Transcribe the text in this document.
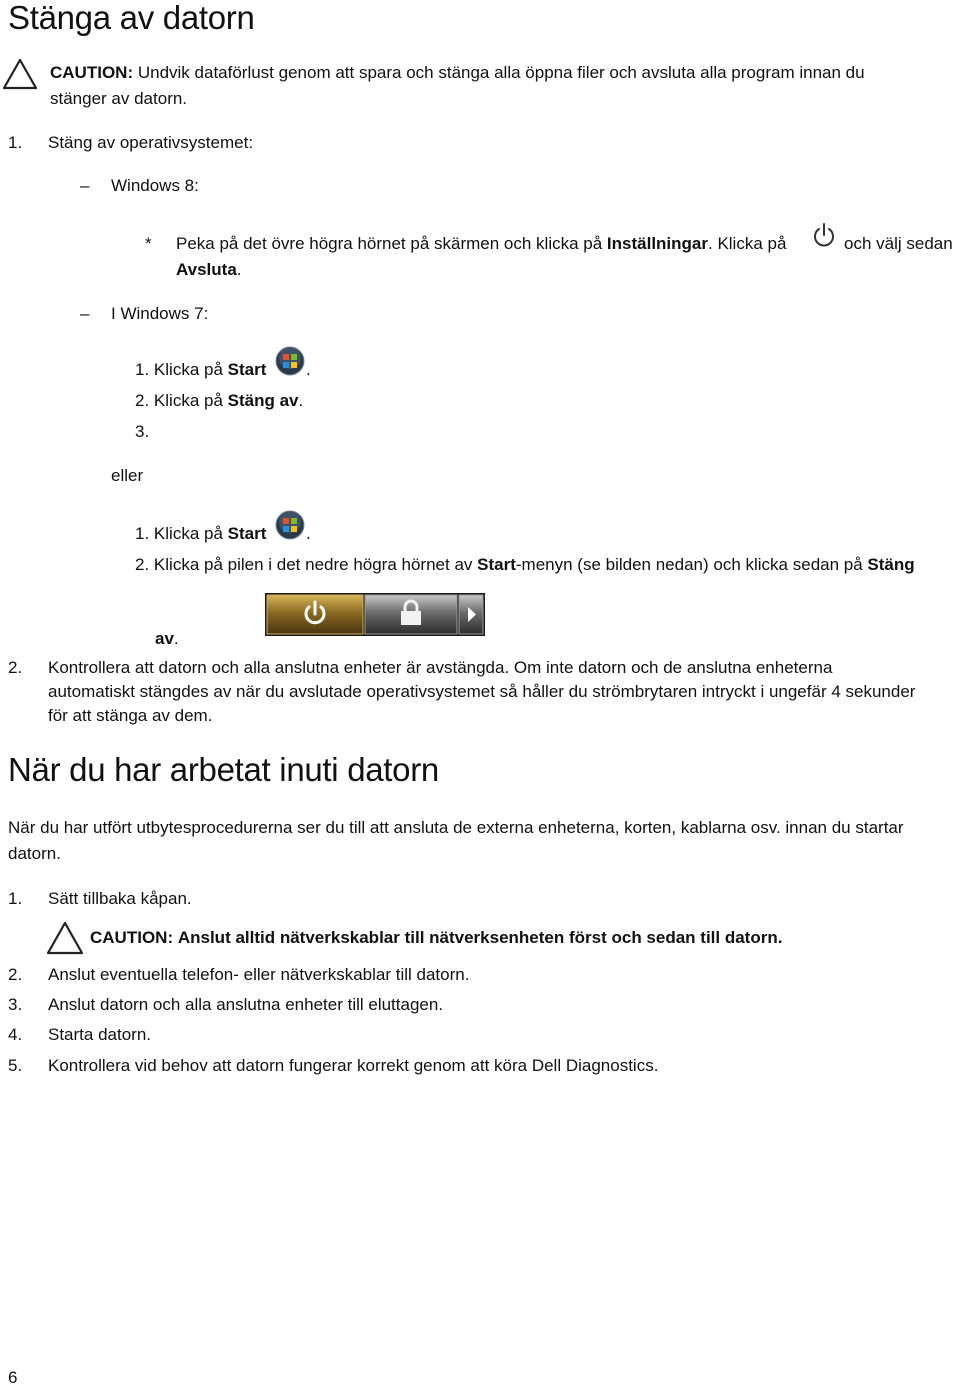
Stänga av datorn
CAUTION: Undvik dataförlust genom att spara och stänga alla öppna filer och avsluta alla program innan du
stänger av datorn.
1. Stäng av operativsystemet:
– Windows 8:
* Peka på det övre högra hörnet på skärmen och klicka på Inställningar. Klicka på	och välj sedan
Avsluta.
– I Windows 7:
1. Klicka på Start .
2. Klicka på Stäng av.
3.
eller
1. Klicka på Start .
2. Klicka på pilen i det nedre högra hörnet av Start-menyn (se bilden nedan) och klicka sedan på Stäng
av.
2. Kontrollera att datorn och alla anslutna enheter är avstängda. Om inte datorn och de anslutna enheterna
automatiskt stängdes av när du avslutade operativsystemet så håller du strömbrytaren intryckt i ungefär 4 sekunder
för att stänga av dem.
När du har arbetat inuti datorn
När du har utfört utbytesprocedurerna ser du till att ansluta de externa enheterna, korten, kablarna osv. innan du startar
datorn.
1. Sätt tillbaka kåpan.
CAUTION: Anslut alltid nätverkskablar till nätverksenheten först och sedan till datorn.
2. Anslut eventuella telefon- eller nätverkskablar till datorn.
3. Anslut datorn och alla anslutna enheter till eluttagen.
4. Starta datorn.
5. Kontrollera vid behov att datorn fungerar korrekt genom att köra Dell Diagnostics.
6
